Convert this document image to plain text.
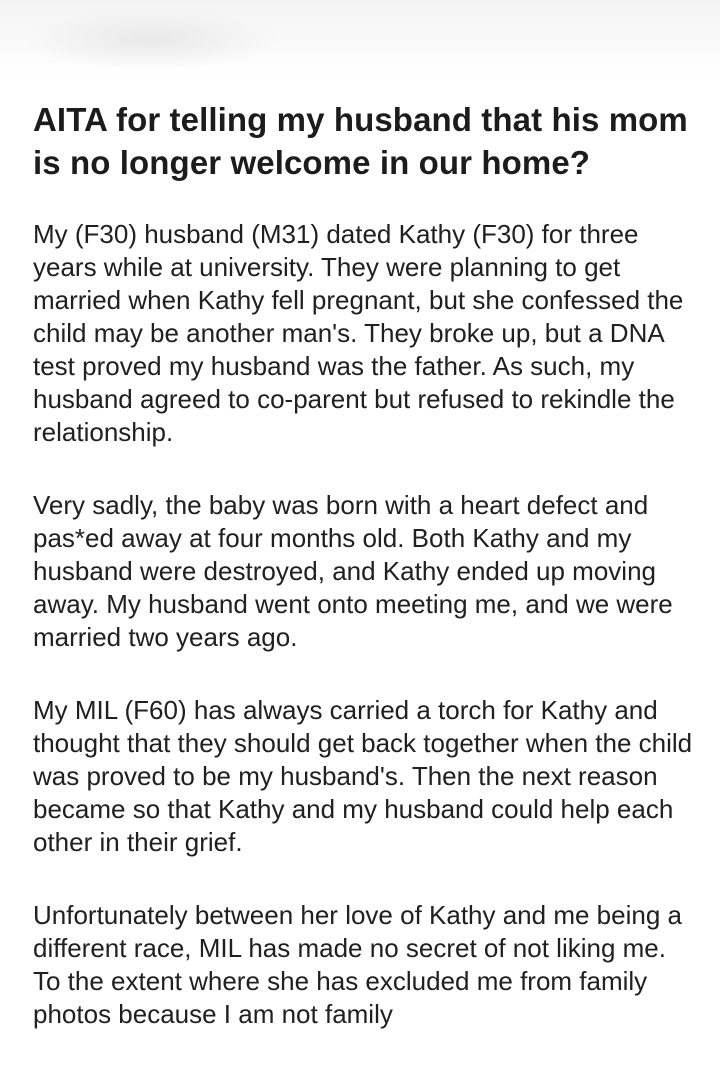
AITA for telling my husband that his mom is no longer welcome in our home?

My (F30) husband (M31) dated Kathy (F30) for three years while at university. They were planning to get married when Kathy fell pregnant, but she confessed the child may be another man's. They broke up, but a DNA test proved my husband was the father. As such, my husband agreed to co-parent but refused to rekindle the relationship.

Very sadly, the baby was born with a heart defect and pas*ed away at four months old. Both Kathy and my husband were destroyed, and Kathy ended up moving away. My husband went onto meeting me, and we were married two years ago.

My MIL (F60) has always carried a torch for Kathy and thought that they should get back together when the child was proved to be my husband's. Then the next reason became so that Kathy and my husband could help each other in their grief.

Unfortunately between her love of Kathy and me being a different race, MIL has made no secret of not liking me. To the extent where she has excluded me from family photos because I am not family
